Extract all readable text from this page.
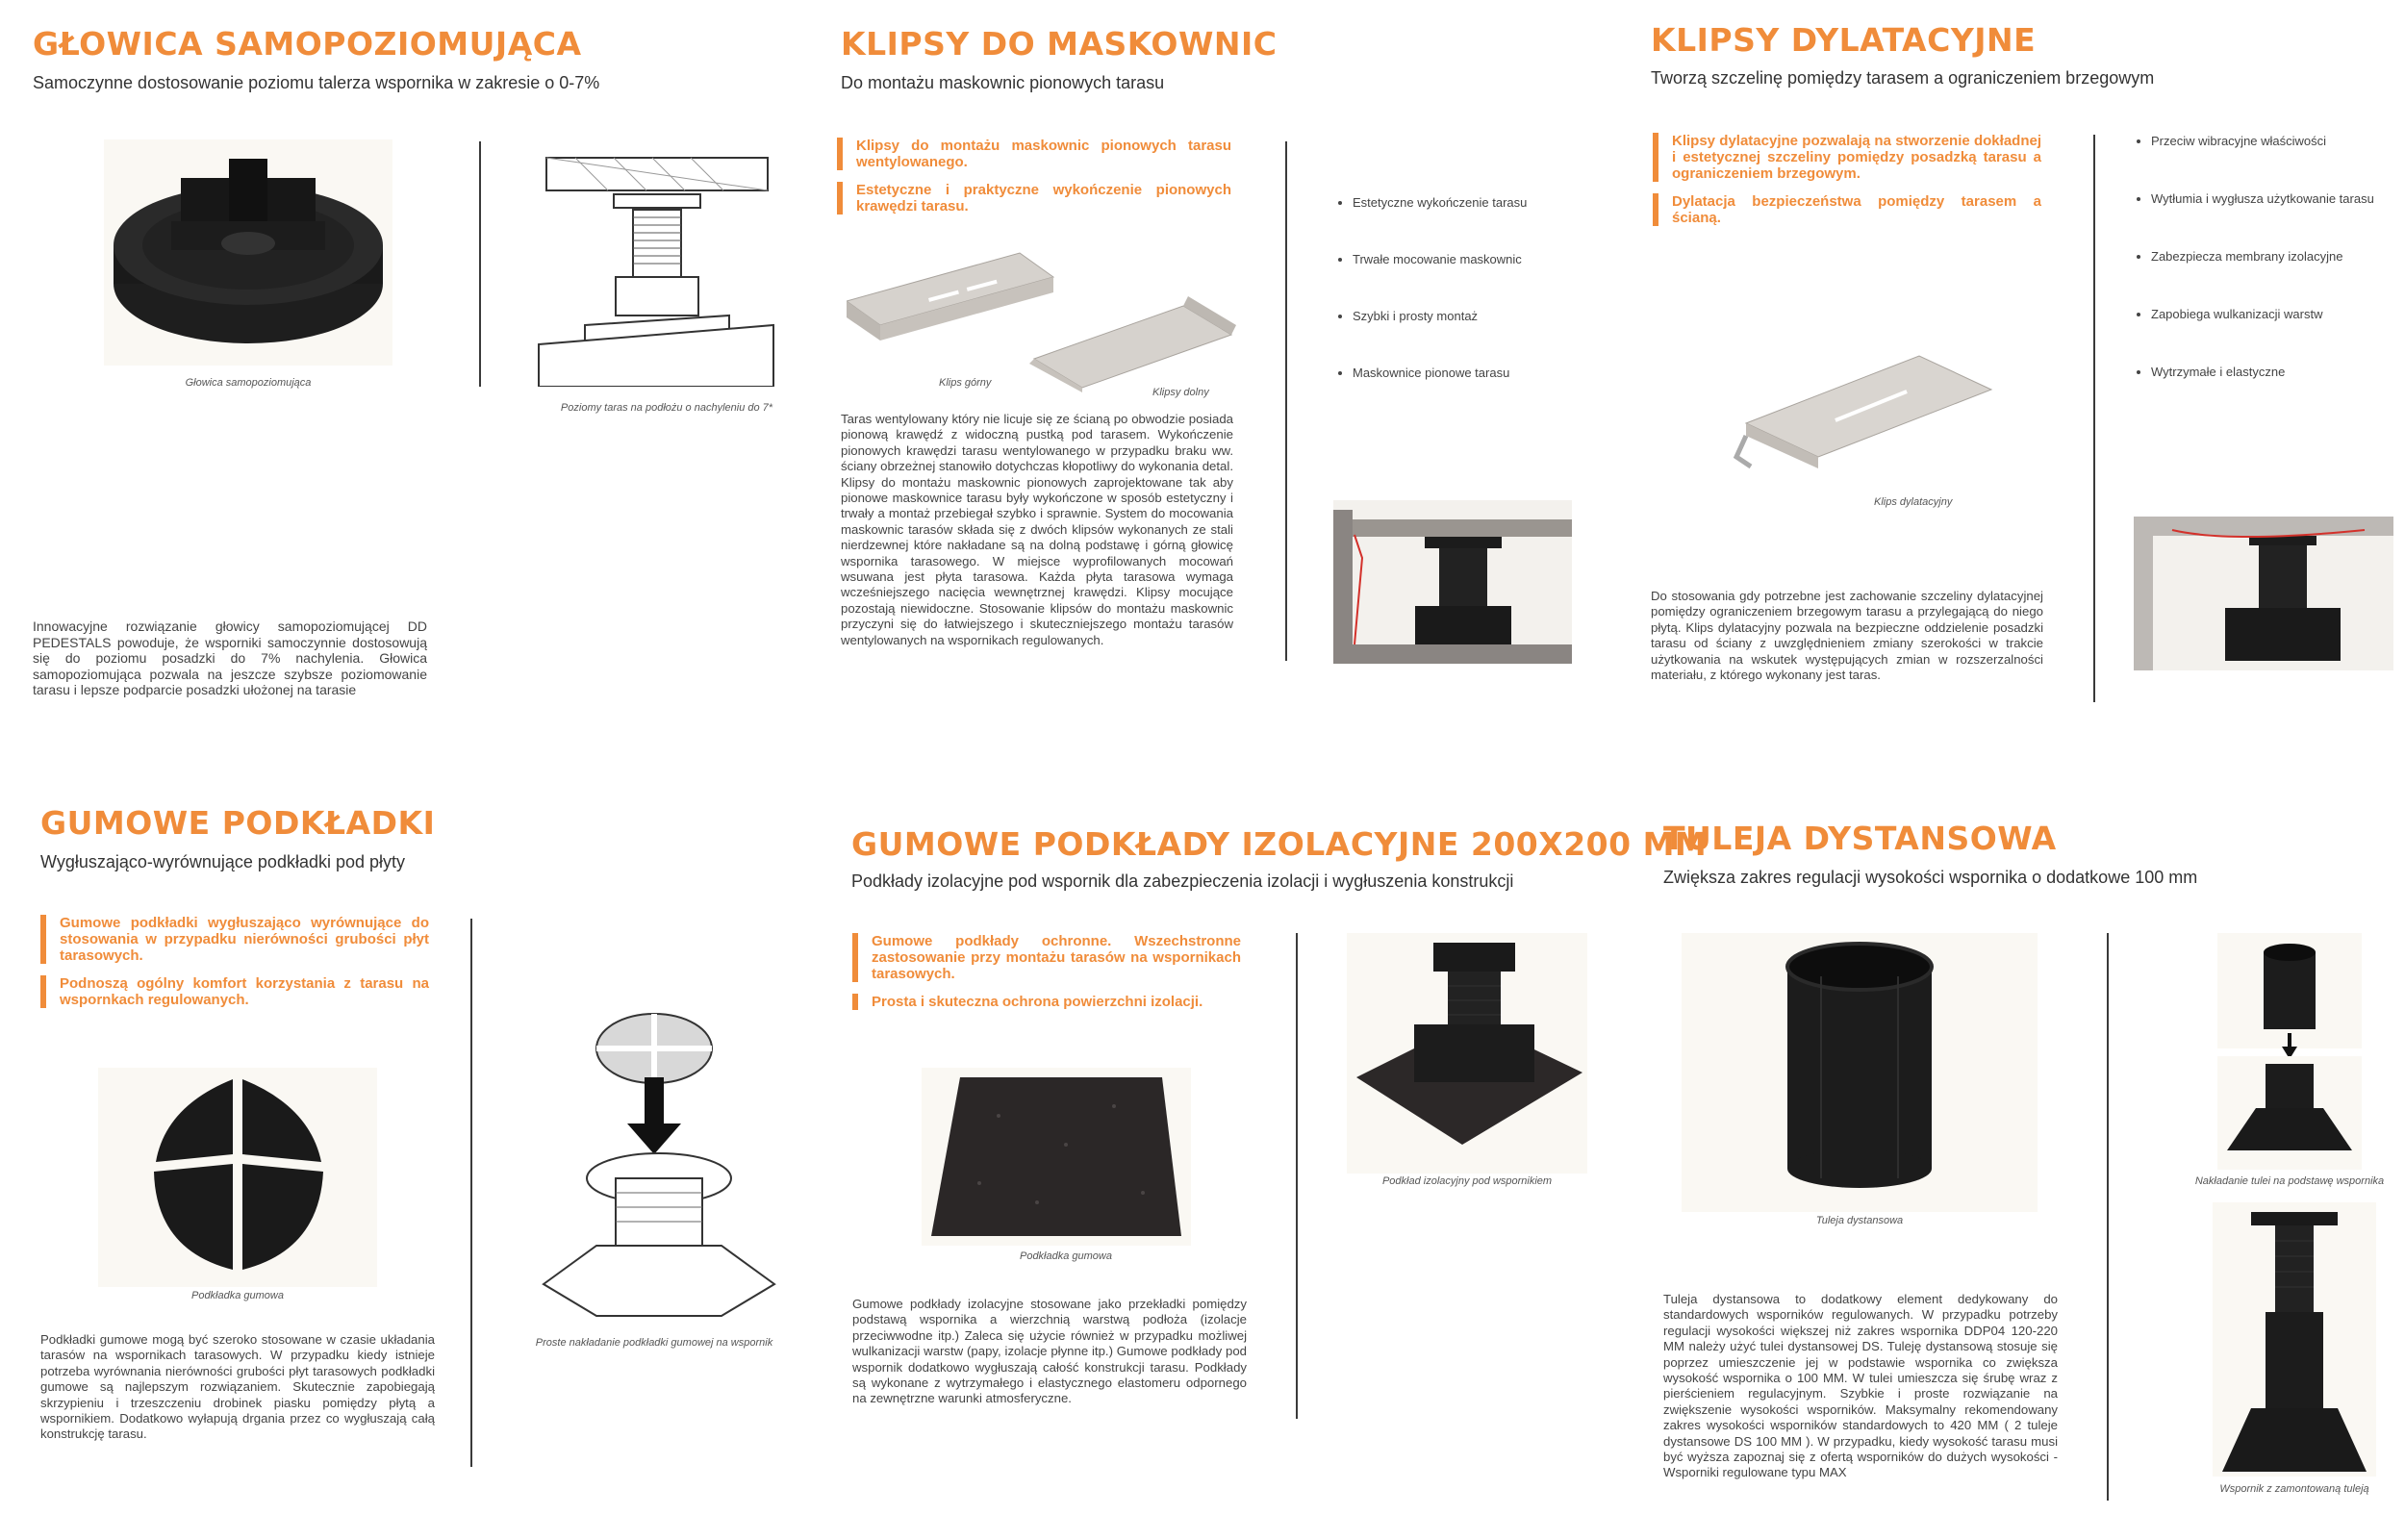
GŁOWICA SAMOPOZIOMUJĄCA
Samoczynne dostosowanie poziomu talerza wspornika w zakresie o 0-7%
Głowica samopoziomująca
Poziomy taras na podłożu o nachyleniu do 7*
Innowacyjne rozwiązanie głowicy samopoziomującej DD PEDESTALS powoduje, że wsporniki samoczynnie dostosowują się do poziomu posadzki do 7% nachylenia. Głowica samopoziomująca pozwala na jeszcze szybsze poziomowanie tarasu i lepsze podparcie posadzki ułożonej na tarasie
KLIPSY DO MASKOWNIC
Do montażu maskownic pionowych tarasu
Klipsy do montażu maskownic pionowych tarasu wentylowanego.
Estetyczne i praktyczne wykończenie pionowych krawędzi tarasu.
Klips górny
Klipsy dolny
Taras wentylowany który nie licuje się ze ścianą po obwodzie posiada pionową krawędź z widoczną pustką pod tarasem. Wykończenie pionowych krawędzi tarasu wentylowanego w przypadku braku ww. ściany obrzeżnej stanowiło dotychczas kłopotliwy do wykonania detal. Klipsy do montażu maskownic pionowych zaprojektowane tak aby pionowe maskownice tarasu były wykończone w sposób estetyczny i trwały a montaż przebiegał szybko i sprawnie. System do mocowania maskownic tarasów składa się z dwóch klipsów wykonanych ze stali nierdzewnej które nakładane są na dolną podstawę i górną głowicę wspornika tarasowego. W miejsce wyprofilowanych mocowań wsuwana jest płyta tarasowa. Każda płyta tarasowa wymaga wcześniejszego nacięcia wewnętrznej krawędzi. Klipsy mocujące pozostają niewidoczne. Stosowanie klipsów do montażu maskownic przyczyni się do łatwiejszego i skuteczniejszego montażu tarasów wentylowanych na wspornikach regulowanych.
• Estetyczne wykończenie tarasu
• Trwałe mocowanie maskownic
• Szybki i prosty montaż
• Maskownice pionowe tarasu
KLIPSY DYLATACYJNE
Tworzą szczelinę pomiędzy tarasem a ograniczeniem brzegowym
Klipsy dylatacyjne pozwalają na stworzenie dokładnej i estetycznej szczeliny pomiędzy posadzką tarasu a ograniczeniem brzegowym.
Dylatacja bezpieczeństwa pomiędzy tarasem a ścianą.
• Przeciw wibracyjne właściwości
• Wytłumia i wygłusza użytkowanie tarasu
• Zabezpiecza membrany izolacyjne
• Zapobiega wulkanizacji warstw
• Wytrzymałe i elastyczne
Klips dylatacyjny
Do stosowania gdy potrzebne jest zachowanie szczeliny dylatacyjnej pomiędzy ograniczeniem brzegowym tarasu a przylegającą do niego płytą. Klips dylatacyjny pozwala na bezpieczne oddzielenie posadzki tarasu od ściany z uwzględnieniem zmiany szerokości w trakcie użytkowania na wskutek występujących zmian w rozszerzalności materiału, z którego wykonany jest taras.
GUMOWE PODKŁADKI
Wygłuszająco-wyrównujące podkładki pod płyty
Gumowe podkładki wygłuszająco wyrównujące do stosowania w przypadku nierówności grubości płyt tarasowych.
Podnoszą ogólny komfort korzystania z tarasu na wspornkach regulowanych.
Podkładka gumowa
Proste nakładanie podkładki gumowej na wspornik
Podkładki gumowe mogą być szeroko stosowane w czasie układania tarasów na wspornikach tarasowych. W przypadku kiedy istnieje potrzeba wyrównania nierówności grubości płyt tarasowych podkładki gumowe są najlepszym rozwiązaniem. Skutecznie zapobiegają skrzypieniu i trzeszczeniu drobinek piasku pomiędzy płytą a wspornikiem. Dodatkowo wyłapują drgania przez co wygłuszają całą konstrukcję tarasu.
GUMOWE PODKŁADY IZOLACYJNE 200X200 MM
Podkłady izolacyjne pod wspornik dla zabezpieczenia izolacji i wygłuszenia konstrukcji
Gumowe podkłady ochronne. Wszechstronne zastosowanie przy montażu tarasów na wspornikach tarasowych.
Prosta i skuteczna ochrona powierzchni izolacji.
Podkładka gumowa
Podkład izolacyjny pod wspornikiem
Gumowe podkłady izolacyjne stosowane jako przekładki pomiędzy podstawą wspornika a wierzchnią warstwą podłoża (izolacje przeciwwodne itp.) Zaleca się użycie również w przypadku możliwej wulkanizacji warstw (papy, izolacje płynne itp.) Gumowe podkłady pod wspornik dodatkowo wygłuszają całość konstrukcji tarasu. Podkłady są wykonane z wytrzymałego i elastycznego elastomeru odpornego na zewnętrzne warunki atmosferyczne.
TULEJA DYSTANSOWA
Zwiększa zakres regulacji wysokości wspornika o dodatkowe 100 mm
Tuleja dystansowa
Nakładanie tulei na podstawę wspornika
Wspornik z zamontowaną tuleją
Tuleja dystansowa to dodatkowy element dedykowany do standardowych wsporników regulowanych. W przypadku potrzeby regulacji wysokości większej niż zakres wspornika DDP04 120-220 MM należy użyć tulei dystansowej DS. Tuleję dystansową stosuje się poprzez umieszczenie jej w podstawie wspornika co zwiększa wysokość wspornika o 100 MM. W tulei umieszcza się śrubę wraz z pierścieniem regulacyjnym. Szybkie i proste rozwiązanie na zwiększenie wysokości wsporników. Maksymalny rekomendowany zakres wysokości wsporników standardowych to 420 MM ( 2 tuleje dystansowe DS 100 MM ). W przypadku, kiedy wysokość tarasu musi być wyższa zapoznaj się z ofertą wsporników do dużych wysokości - Wsporniki regulowane typu MAX
